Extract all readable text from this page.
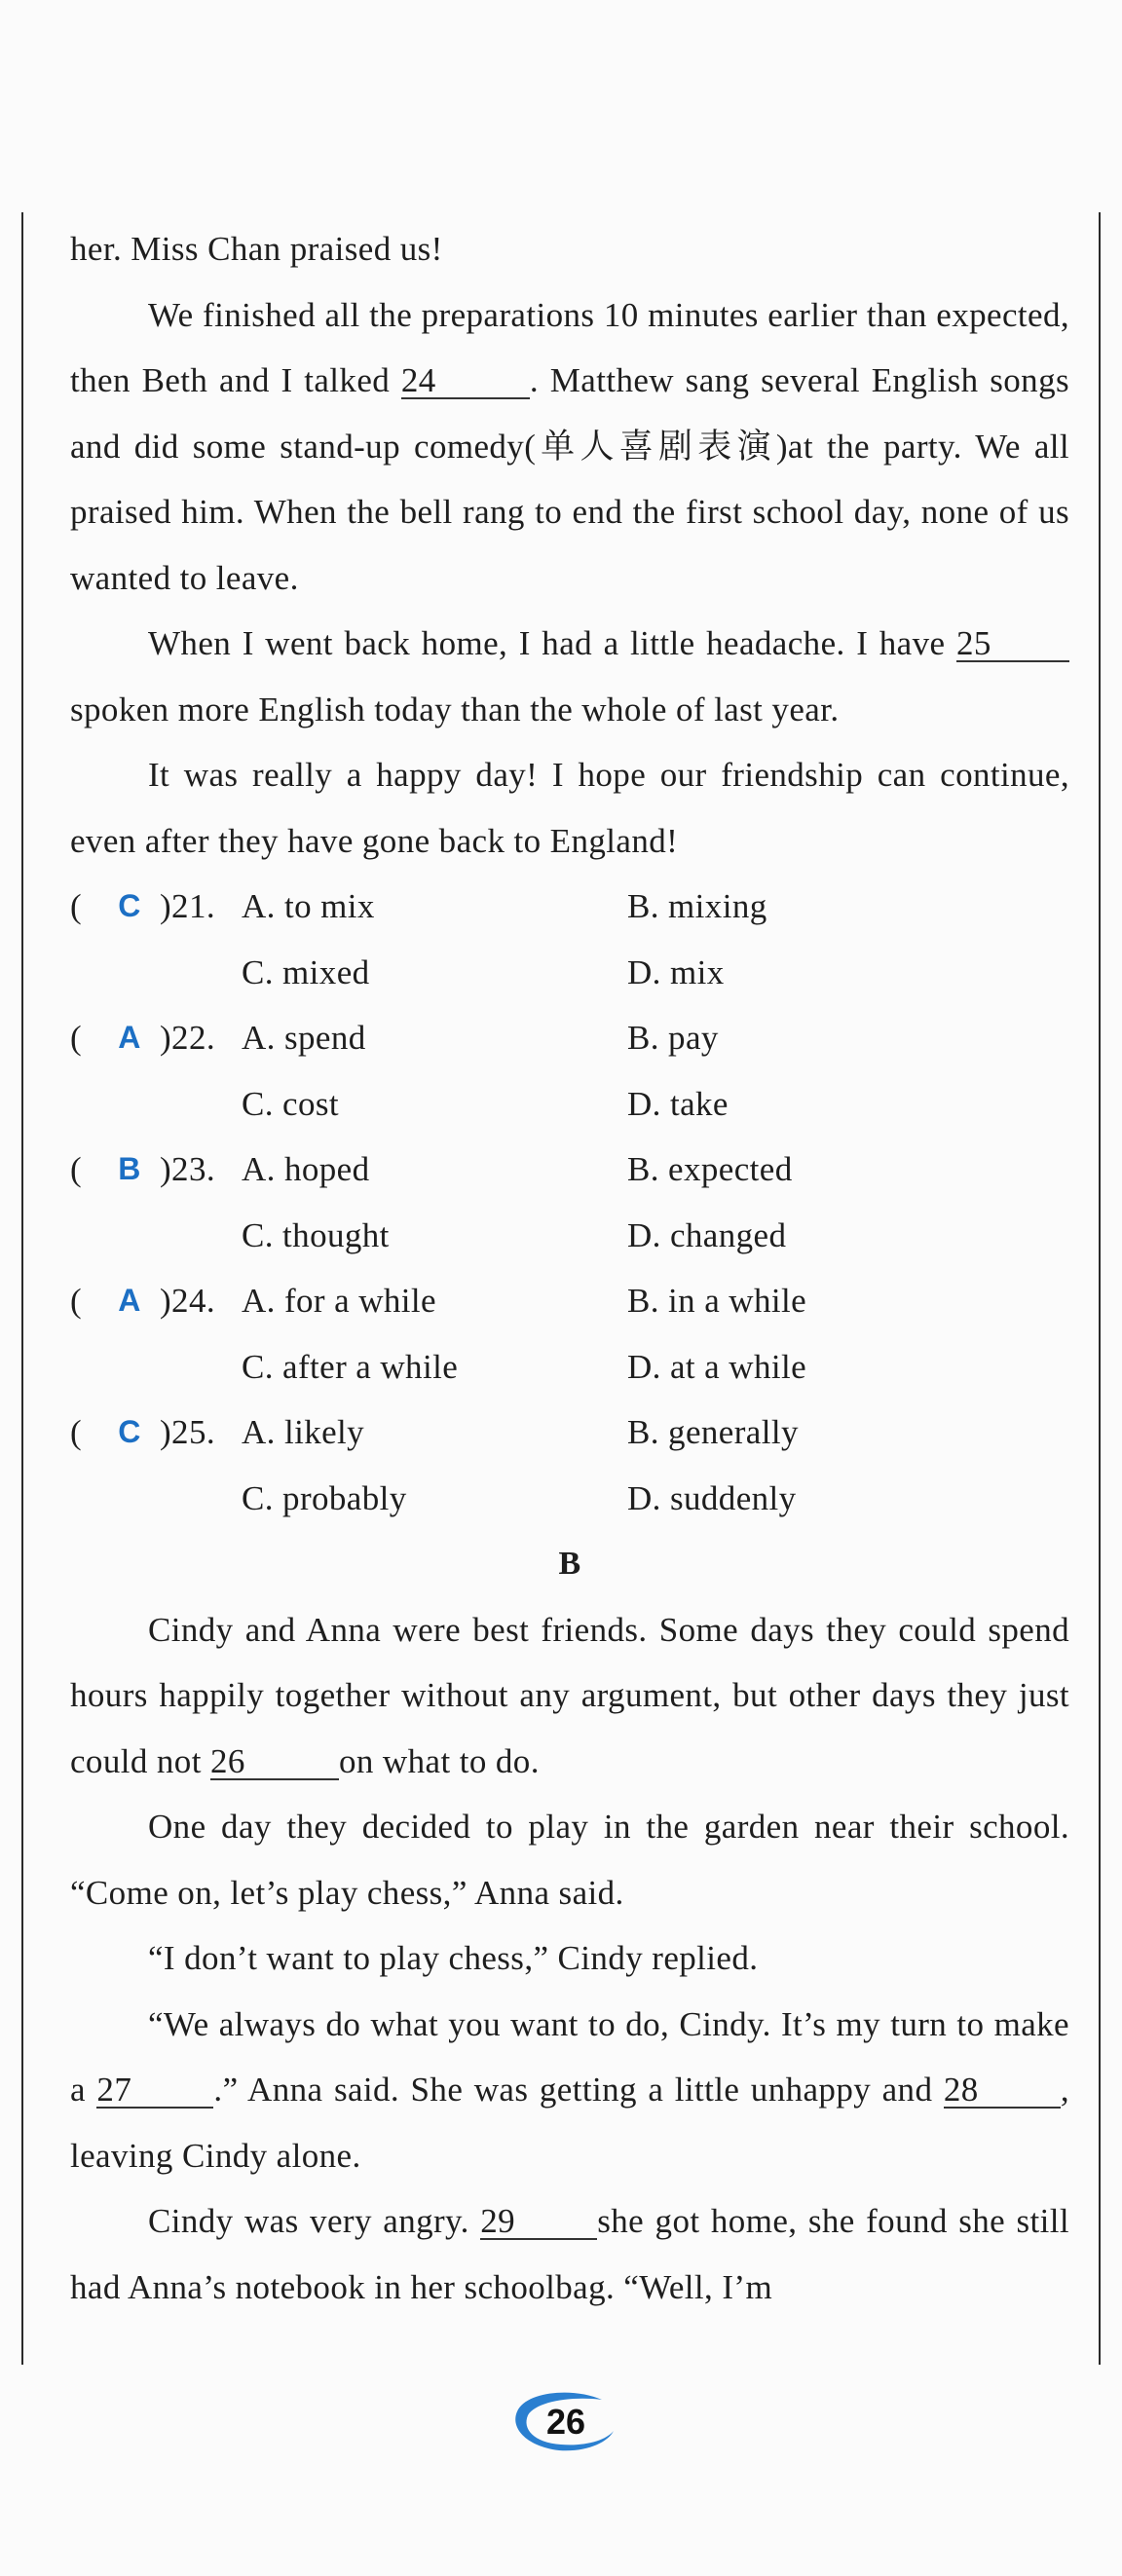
her. Miss Chan praised us!

We finished all the preparations 10 minutes earlier than expected, then Beth and I talked 24	. Matthew sang several English songs and did some stand-up comedy(单人喜剧表演)at the party. We all praised him. When the bell rang to end the first school day, none of us wanted to leave.

When I went back home, I had a little headache. I have 25 spoken more English today than the whole of last year.

It was really a happy day! I hope our friendship can continue, even after they have gone back to England!

( C )21. A. to mix	B. mixing
C. mixed	D. mix
( A )22. A. spend	B. pay
C. cost	D. take
( B )23. A. hoped	B. expected
C. thought	D. changed
( A )24. A. for a while	B. in a while
C. after a while	D. at a while
( C )25. A. likely	B. generally
C. probably	D. suddenly
B

Cindy and Anna were best friends. Some days they could spend hours happily together without any argument, but other days they just could not 26	on what to do.

One day they decided to play in the garden near their school. “Come on, let’s play chess,” Anna said.

“I don’t want to play chess,” Cindy replied.

“We always do what you want to do, Cindy. It’s my turn to make a 27 .” Anna said. She was getting a little unhappy and 28 , leaving Cindy alone.

Cindy was very angry. 29 she got home, she found she still had Anna’s notebook in her schoolbag. “Well, I’m

26
